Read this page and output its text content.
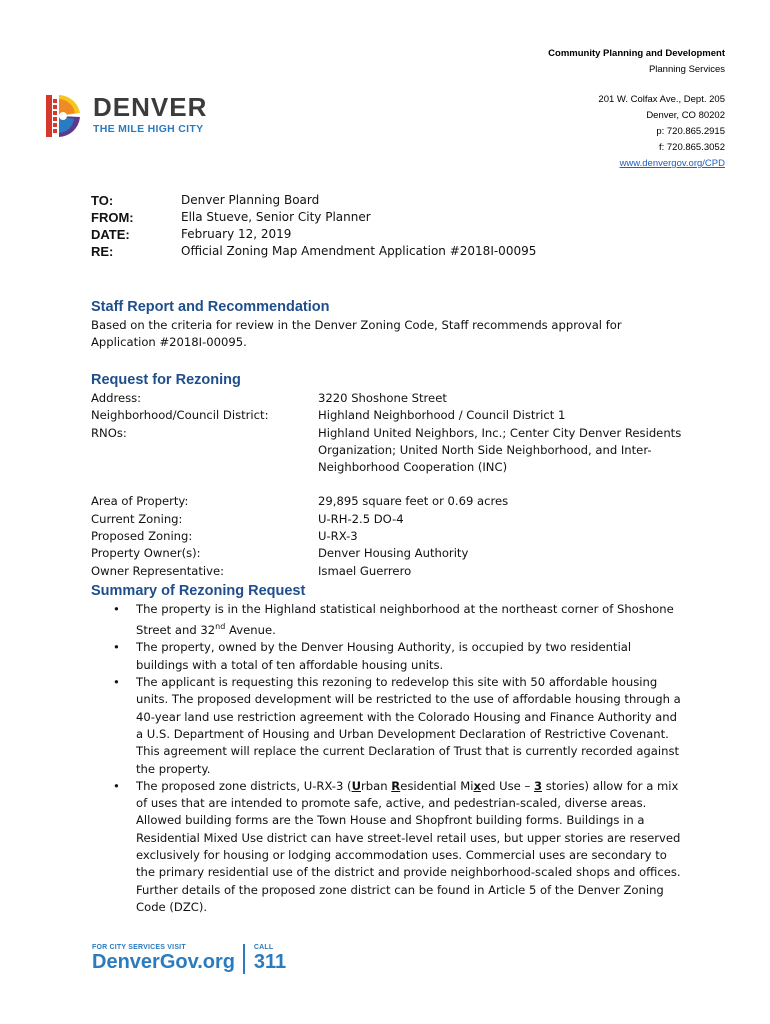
Community Planning and Development
Planning Services
201 W. Colfax Ave., Dept. 205
Denver, CO 80202
p: 720.865.2915
f: 720.865.3052
www.denvergov.org/CPD
DENVER
THE MILE HIGH CITY
TO:	Denver Planning Board
FROM:	Ella Stueve, Senior City Planner
DATE:	February 12, 2019
RE:	Official Zoning Map Amendment Application #2018I-00095
Staff Report and Recommendation
Based on the criteria for review in the Denver Zoning Code, Staff recommends approval for Application #2018I-00095.
Request for Rezoning
Address:	3220 Shoshone Street
Neighborhood/Council District:	Highland Neighborhood / Council District 1
RNOs:	Highland United Neighbors, Inc.; Center City Denver Residents Organization; United North Side Neighborhood, and Inter-Neighborhood Cooperation (INC)
Area of Property:	29,895 square feet or 0.69 acres
Current Zoning:	U-RH-2.5 DO-4
Proposed Zoning:	U-RX-3
Property Owner(s):	Denver Housing Authority
Owner Representative:	Ismael Guerrero
Summary of Rezoning Request
• The property is in the Highland statistical neighborhood at the northeast corner of Shoshone Street and 32nd Avenue.
• The property, owned by the Denver Housing Authority, is occupied by two residential buildings with a total of ten affordable housing units.
• The applicant is requesting this rezoning to redevelop this site with 50 affordable housing units. The proposed development will be restricted to the use of affordable housing through a 40-year land use restriction agreement with the Colorado Housing and Finance Authority and a U.S. Department of Housing and Urban Development Declaration of Restrictive Covenant. This agreement will replace the current Declaration of Trust that is currently recorded against the property.
• The proposed zone districts, U-RX-3 (Urban Residential Mixed Use – 3 stories) allow for a mix of uses that are intended to promote safe, active, and pedestrian-scaled, diverse areas. Allowed building forms are the Town House and Shopfront building forms. Buildings in a Residential Mixed Use district can have street-level retail uses, but upper stories are reserved exclusively for housing or lodging accommodation uses. Commercial uses are secondary to the primary residential use of the district and provide neighborhood-scaled shops and offices. Further details of the proposed zone district can be found in Article 5 of the Denver Zoning Code (DZC).
FOR CITY SERVICES VISIT
DenverGov.org

CALL
311
